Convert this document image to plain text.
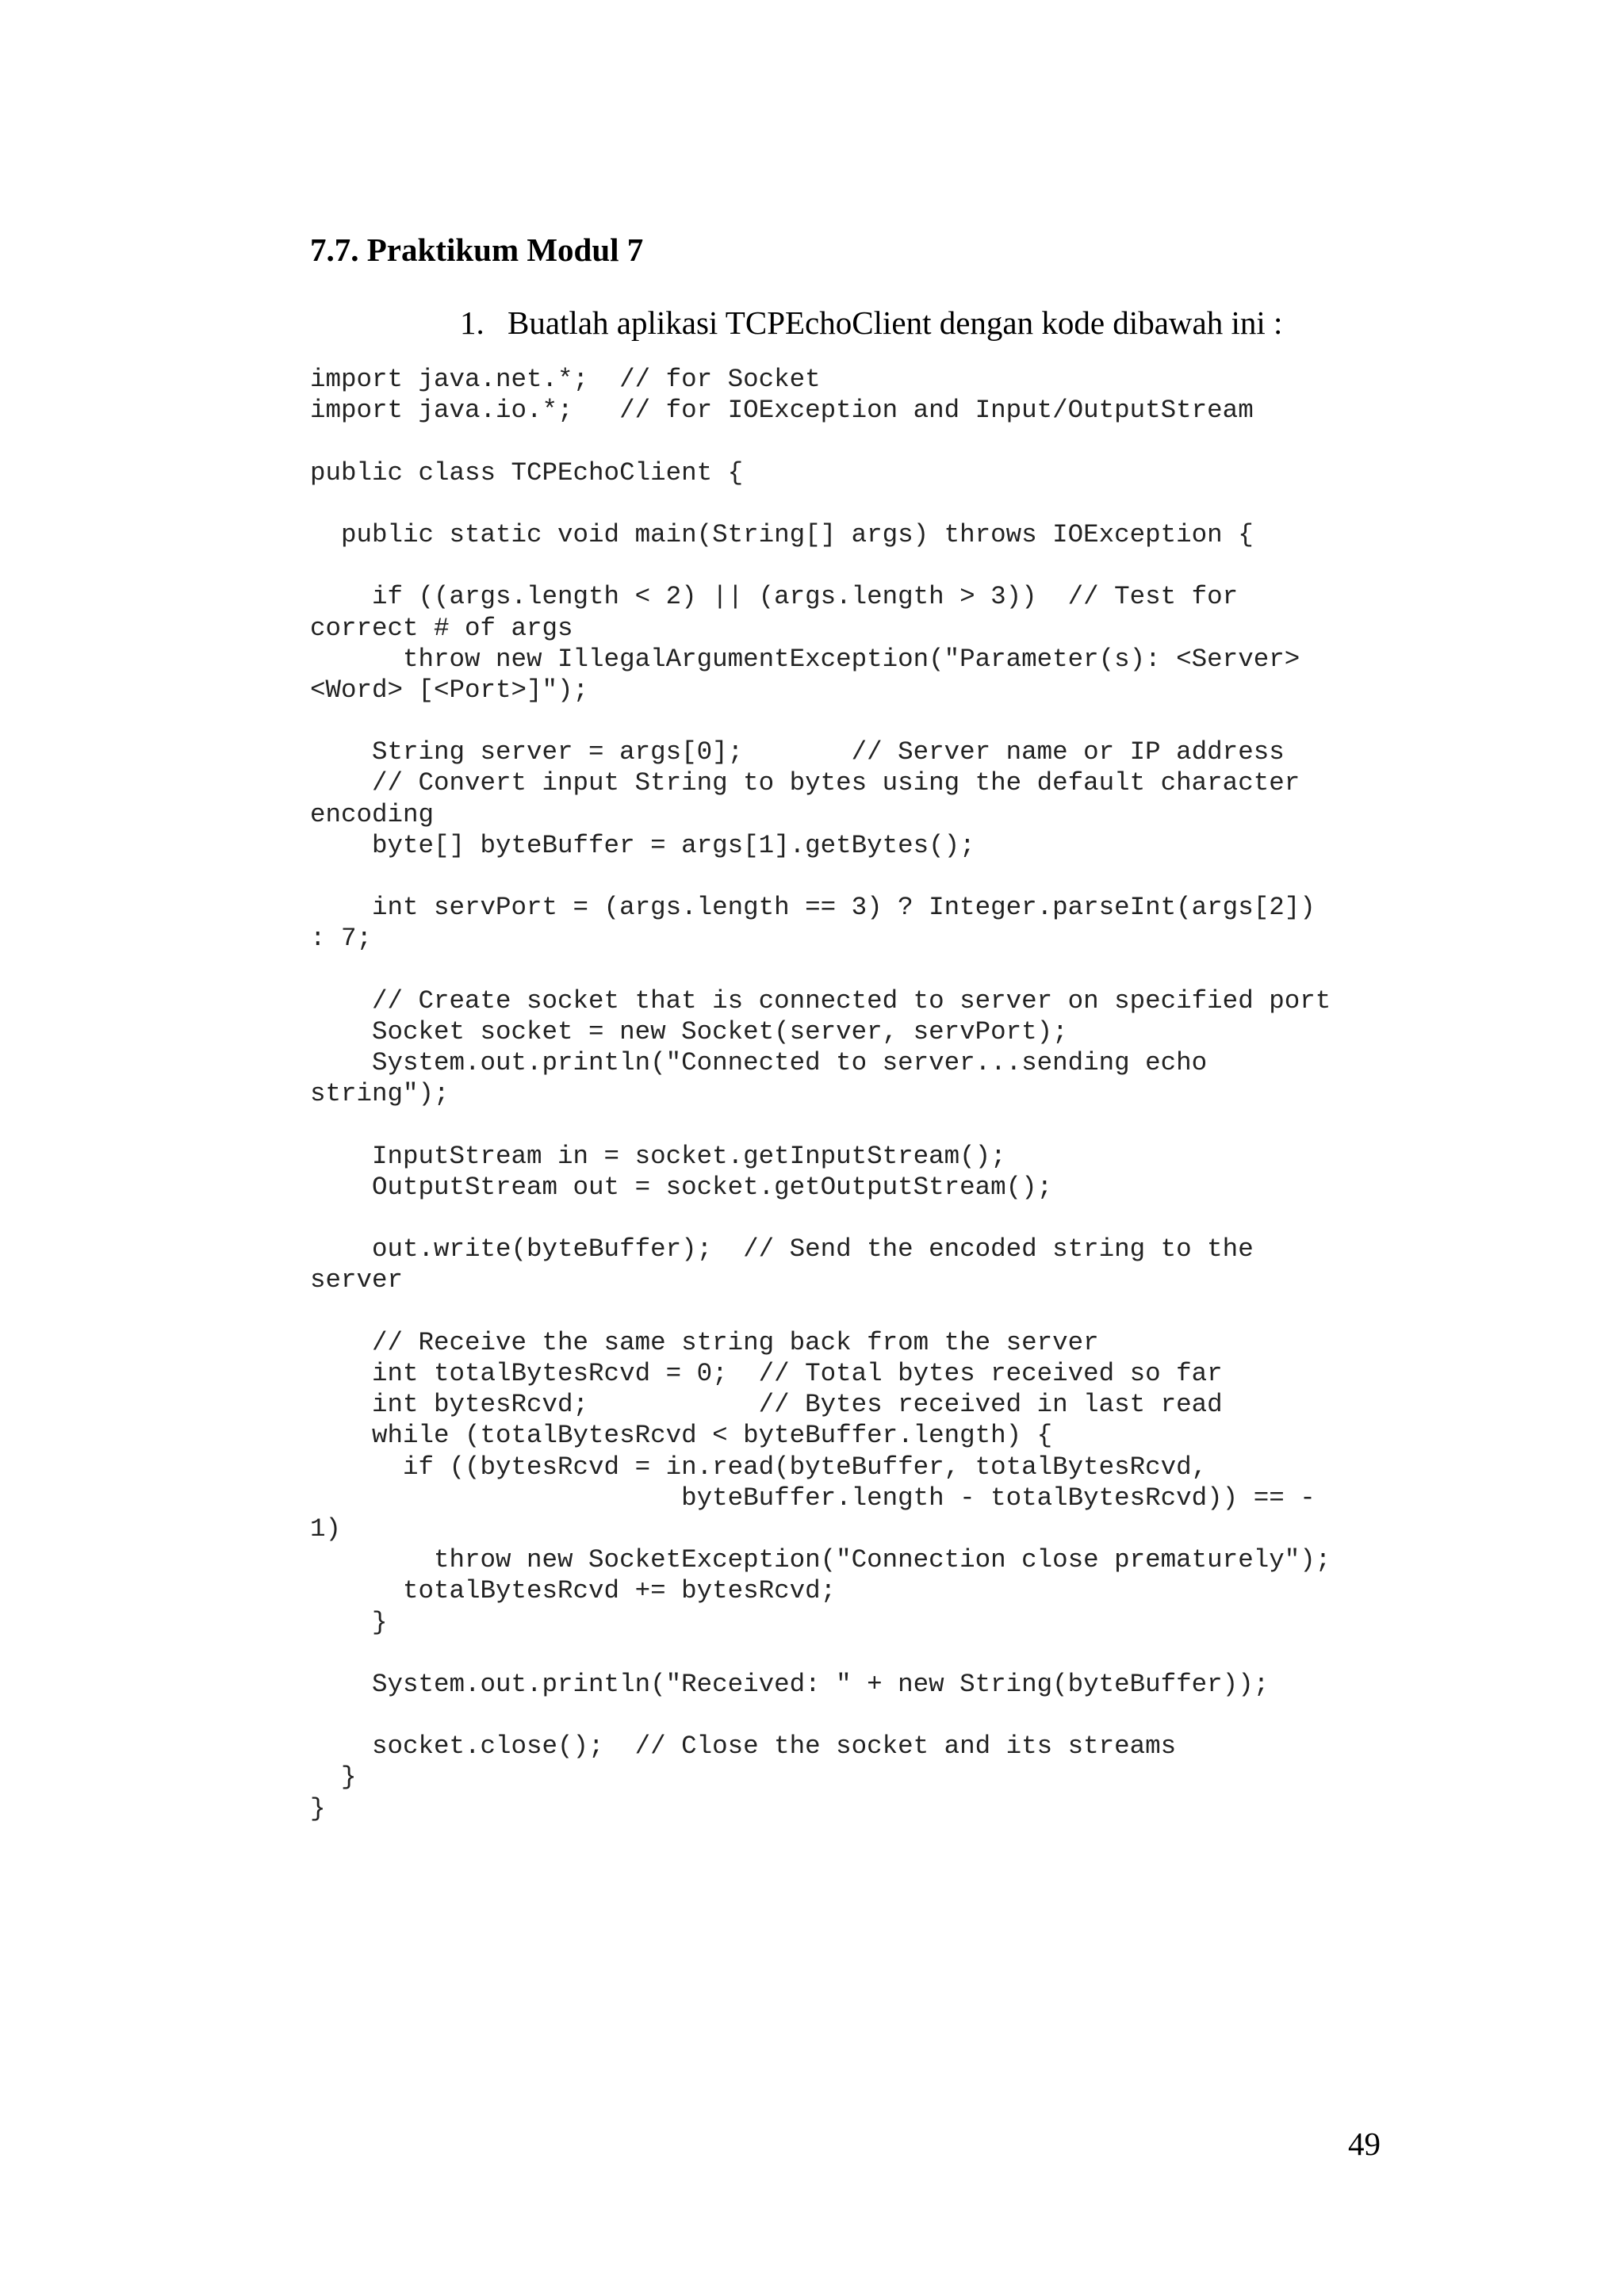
7.7. Praktikum Modul 7

1. Buatlah aplikasi TCPEchoClient dengan kode dibawah ini :

import java.net.*;  // for Socket
import java.io.*;   // for IOException and Input/OutputStream
public class TCPEchoClient {
public static void main(String[] args) throws IOException {
if ((args.length < 2) || (args.length > 3))  // Test for
correct # of args
throw new IllegalArgumentException("Parameter(s): <Server>
<Word> [<Port>]");
String server = args[0];       // Server name or IP address
// Convert input String to bytes using the default character
encoding
byte[] byteBuffer = args[1].getBytes();
int servPort = (args.length == 3) ? Integer.parseInt(args[2])
: 7;
// Create socket that is connected to server on specified port
Socket socket = new Socket(server, servPort);
System.out.println("Connected to server...sending echo
string");
InputStream in = socket.getInputStream();
OutputStream out = socket.getOutputStream();
out.write(byteBuffer);  // Send the encoded string to the
server
// Receive the same string back from the server
int totalBytesRcvd = 0;  // Total bytes received so far
int bytesRcvd;           // Bytes received in last read
while (totalBytesRcvd < byteBuffer.length) {
if ((bytesRcvd = in.read(byteBuffer, totalBytesRcvd,
byteBuffer.length - totalBytesRcvd)) == -
1)
throw new SocketException("Connection close prematurely");
totalBytesRcvd += bytesRcvd;
}
System.out.println("Received: " + new String(byteBuffer));
socket.close();  // Close the socket and its streams
}
}

49
